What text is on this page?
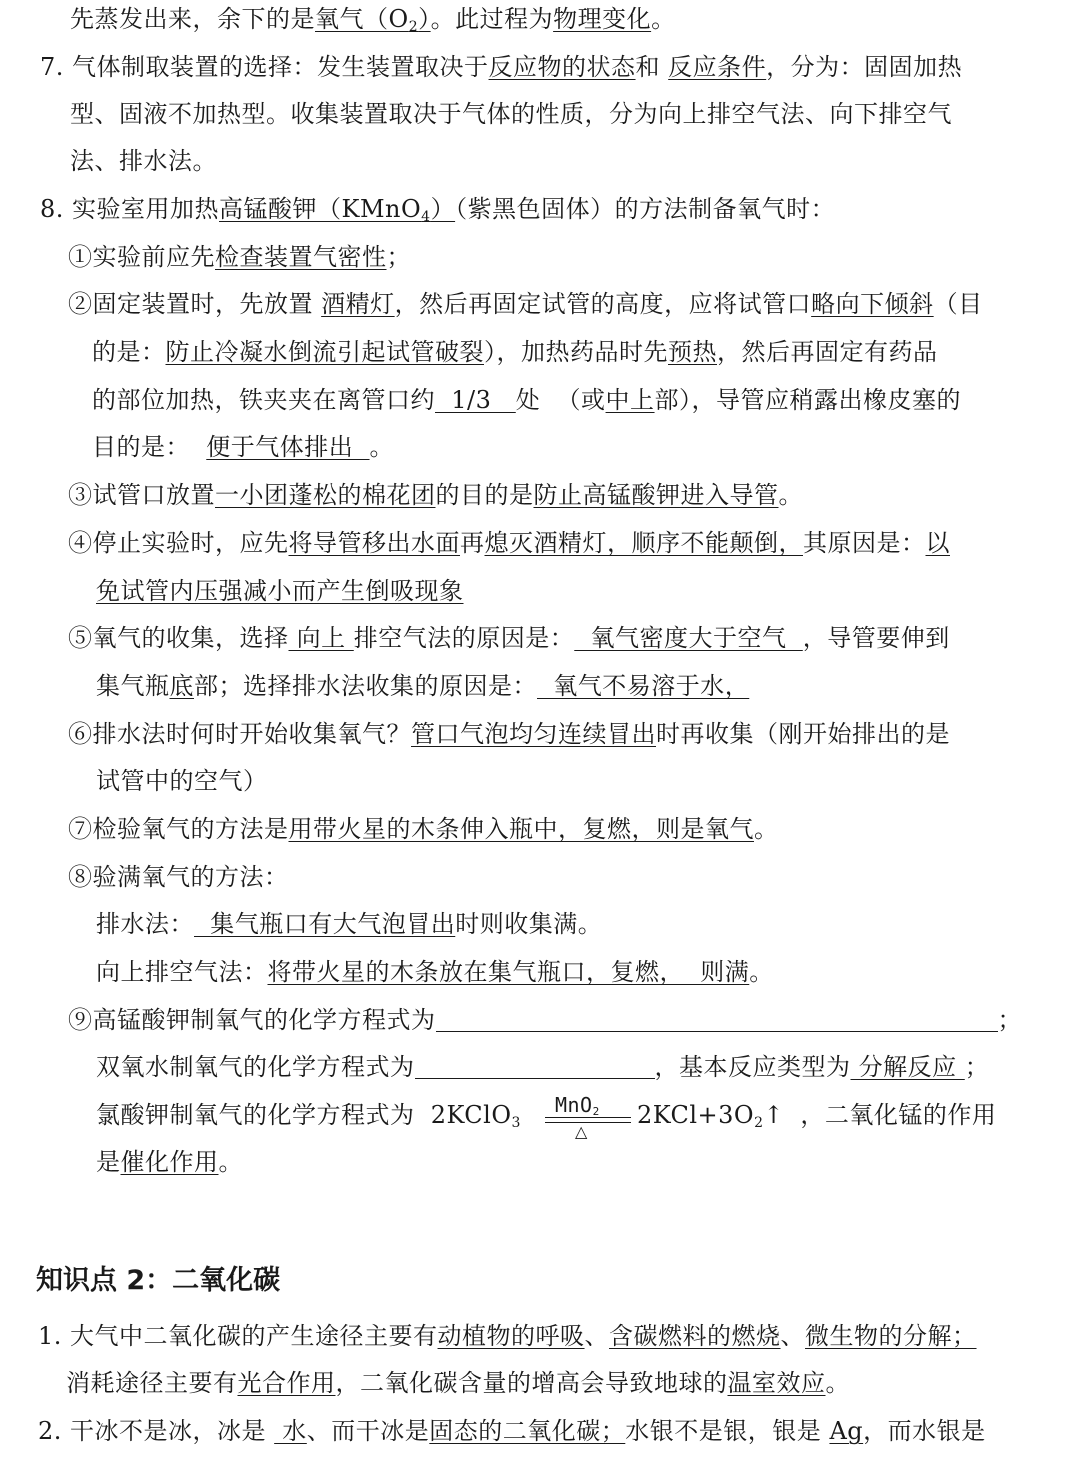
先蒸发出来，余下的是氧气$(O_2)$。此过程为物理变化。
7. 气体制取装置的选择：发生装置取决于反应物的状态和 反应条件，分为：固固加热
型、固液不加热型。收集装置取决于气体的性质，分为向上排空气法、向下排空气
法、排水法。
8. 实验室用加热高锰酸钾（KMnO$_4$）（紫黑色固体）的方法制备氧气时：
①实验前应先检查装置气密性；
②固定装置时，先放置 酒精灯，然后再固定试管的高度，应将试管口略向下倾斜（目
的是：防止冷凝水倒流引起试管破裂），加热药品时先预热，然后再固定有药品
的部位加热，铁夹夹在离管口约  1/3   处  （或中上部），导管应稍露出橡皮塞的
目的是：  便于气体排出  。
③试管口放置一小团蓬松的棉花团的目的是防止高锰酸钾进入导管。
④停止实验时，应先将导管移出水面再熄灭酒精灯，顺序不能颠倒，其原因是：以
免试管内压强减小而产生倒吸现象
⑤氧气的收集，选择 向上 排空气法的原因是：  氧气密度大于空气  ，导管要伸到
集气瓶底部；选择排水法收集的原因是：  氧气不易溶于水，
⑥排水法时何时开始收集氧气？管口气泡均匀连续冒出时再收集（刚开始排出的是
试管中的空气）
⑦检验氧气的方法是用带火星的木条伸入瓶中，复燃，则是氧气。
⑧验满氧气的方法：
排水法：  集气瓶口有大气泡冒出时则收集满。
向上排空气法：将带火星的木条放在集气瓶口，复燃，  则满。
⑨高锰酸钾制氧气的化学方程式为	；
双氧水制氧气的化学方程式为	，基本反应类型为 分解反应 ；
氯酸钾制氧气的化学方程式为  2KClO$_3$
MnO$_2$
△
$2KCl+3O_2↑$  ，二氧化锰的作用
是催化作用。
知识点 2：二氧化碳
1. 大气中二氧化碳的产生途径主要有动植物的呼吸、含碳燃料的燃烧、微生物的分解；
消耗途径主要有光合作用，二氧化碳含量的增高会导致地球的温室效应。
2. 干冰不是冰，冰是  水、而干冰是固态的二氧化碳；水银不是银，银是 Ag，而水银是
